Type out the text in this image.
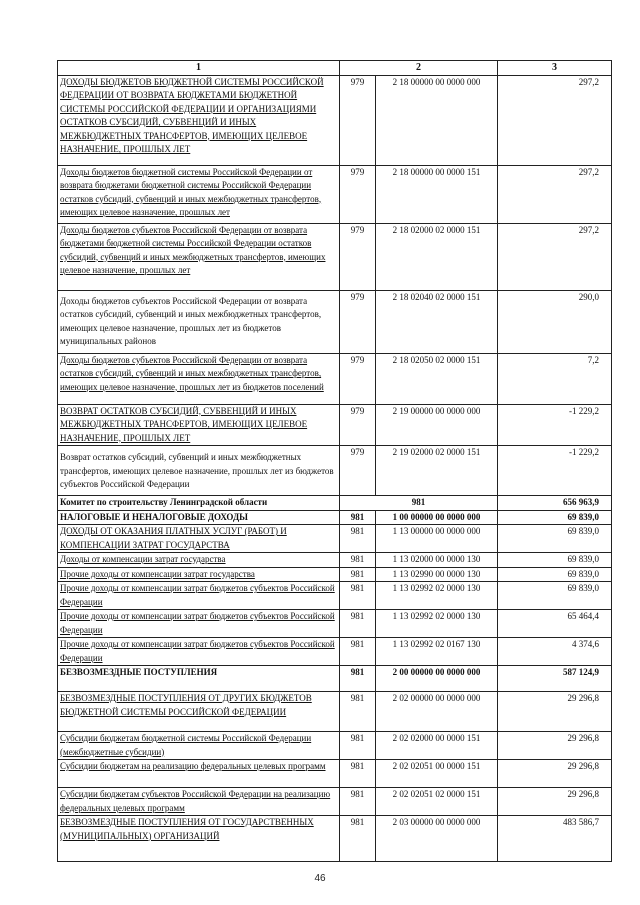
1	2		3
ДОХОДЫ БЮДЖЕТОВ БЮДЖЕТНОЙ СИСТЕМЫ РОССИЙСКОЙ ФЕДЕРАЦИИ ОТ ВОЗВРАТА БЮДЖЕТАМИ БЮДЖЕТНОЙ СИСТЕМЫ РОССИЙСКОЙ ФЕДЕРАЦИИ И ОРГАНИЗАЦИЯМИ ОСТАТКОВ СУБСИДИЙ, СУБВЕНЦИЙ И ИНЫХ МЕЖБЮДЖЕТНЫХ ТРАНСФЕРТОВ, ИМЕЮЩИХ ЦЕЛЕВОЕ НАЗНАЧЕНИЕ, ПРОШЛЫХ ЛЕТ	979	2 18 00000 00 0000 000	297,2
Доходы бюджетов бюджетной системы Российской Федерации от возврата бюджетами бюджетной системы Российской Федерации остатков субсидий, субвенций и иных межбюджетных трансфертов, имеющих целевое назначение, прошлых лет	979	2 18 00000 00 0000 151	297,2
Доходы бюджетов субъектов Российской Федерации от возврата бюджетами бюджетной системы Российской Федерации остатков субсидий, субвенций и иных межбюджетных трансфертов, имеющих целевое назначение, прошлых лет	979	2 18 02000 02 0000 151	297,2
Доходы бюджетов субъектов Российской Федерации от возврата остатков субсидий, субвенций и иных межбюджетных трансфертов, имеющих целевое назначение, прошлых лет из бюджетов муниципальных районов	979	2 18 02040 02 0000 151	290,0
Доходы бюджетов субъектов Российской Федерации от возврата остатков субсидий, субвенций и иных межбюджетных трансфертов, имеющих целевое назначение, прошлых лет из бюджетов поселений	979	2 18 02050 02 0000 151	7,2
ВОЗВРАТ ОСТАТКОВ СУБСИДИЙ, СУБВЕНЦИЙ И ИНЫХ МЕЖБЮДЖЕТНЫХ ТРАНСФЕРТОВ, ИМЕЮЩИХ ЦЕЛЕВОЕ НАЗНАЧЕНИЕ, ПРОШЛЫХ ЛЕТ	979	2 19 00000 00 0000 000	-1 229,2
Возврат остатков субсидий, субвенций и иных межбюджетных трансфертов, имеющих целевое назначение, прошлых лет из бюджетов субъектов Российской Федерации	979	2 19 02000 02 0000 151	-1 229,2
Комитет по строительству Ленинградской области	981		656 963,9
НАЛОГОВЫЕ И НЕНАЛОГОВЫЕ ДОХОДЫ	981	1 00 00000 00 0000 000	69 839,0
ДОХОДЫ ОТ ОКАЗАНИЯ ПЛАТНЫХ УСЛУГ (РАБОТ) И КОМПЕНСАЦИИ ЗАТРАТ ГОСУДАРСТВА	981	1 13 00000 00 0000 000	69 839,0
Доходы от компенсации затрат государства	981	1 13 02000 00 0000 130	69 839,0
Прочие доходы от компенсации затрат государства	981	1 13 02990 00 0000 130	69 839,0
Прочие доходы от компенсации затрат бюджетов субъектов Российской Федерации	981	1 13 02992 02 0000 130	69 839,0
Прочие доходы от компенсации затрат бюджетов субъектов Российской Федерации	981	1 13 02992 02 0000 130	65 464,4
Прочие доходы от компенсации затрат бюджетов субъектов Российской Федерации	981	1 13 02992 02 0167 130	4 374,6
БЕЗВОЗМЕЗДНЫЕ ПОСТУПЛЕНИЯ	981	2 00 00000 00 0000 000	587 124,9
БЕЗВОЗМЕЗДНЫЕ ПОСТУПЛЕНИЯ ОТ ДРУГИХ БЮДЖЕТОВ БЮДЖЕТНОЙ СИСТЕМЫ РОССИЙСКОЙ ФЕДЕРАЦИИ	981	2 02 00000 00 0000 000	29 296,8
Субсидии бюджетам бюджетной системы Российской Федерации (межбюджетные субсидии)	981	2 02 02000 00 0000 151	29 296,8
Субсидии бюджетам на реализацию федеральных целевых программ	981	2 02 02051 00 0000 151	29 296,8
Субсидии бюджетам субъектов Российской Федерации на реализацию федеральных целевых программ	981	2 02 02051 02 0000 151	29 296,8
БЕЗВОЗМЕЗДНЫЕ ПОСТУПЛЕНИЯ ОТ ГОСУДАРСТВЕННЫХ (МУНИЦИПАЛЬНЫХ) ОРГАНИЗАЦИЙ	981	2 03 00000 00 0000 000	483 586,7
46
